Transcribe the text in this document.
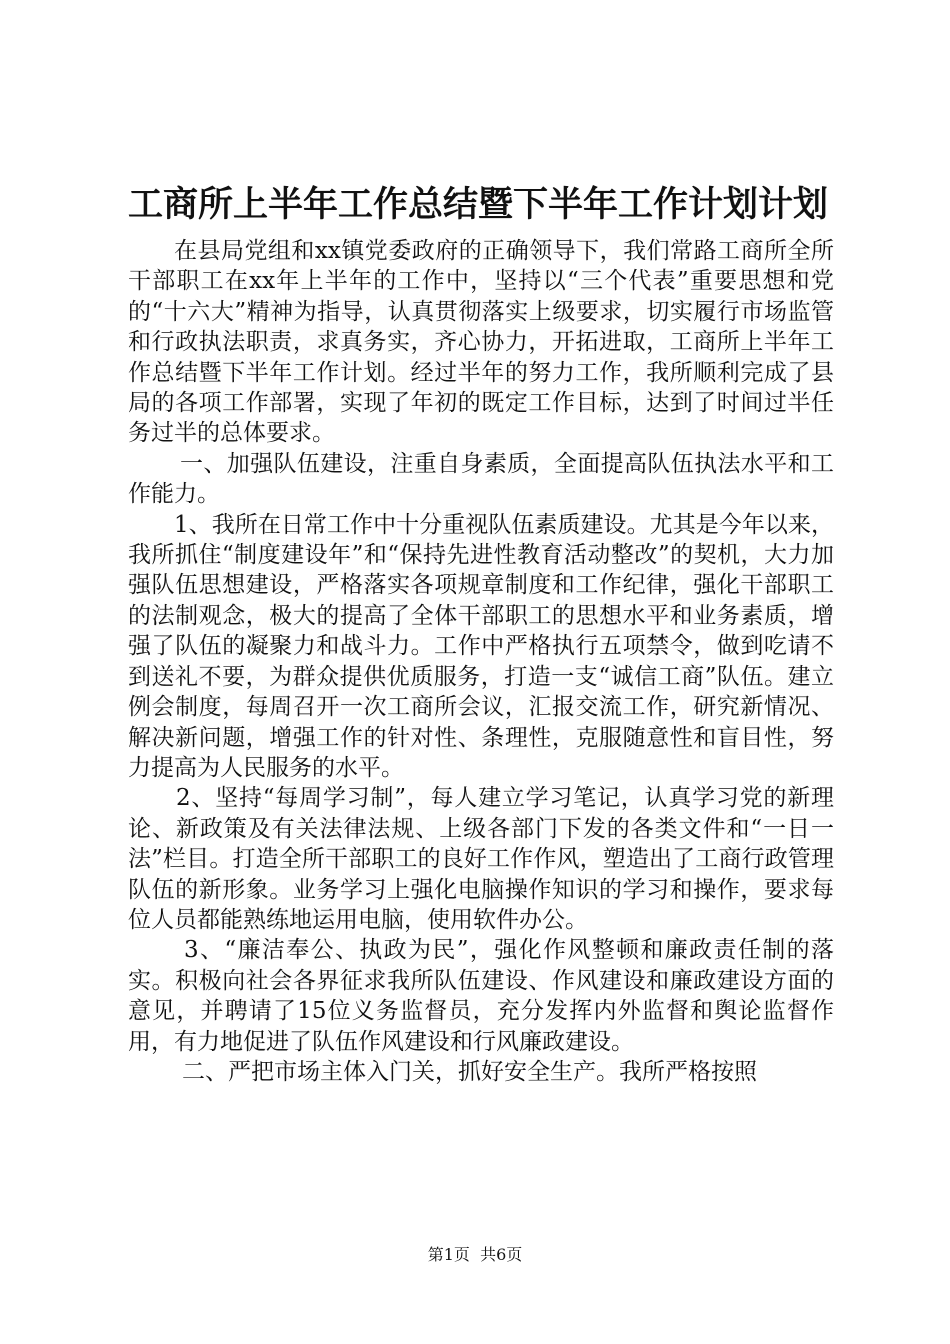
工商所上半年工作总结暨下半年工作计划计划

在县局党组和xx镇党委政府的正确领导下，我们常路工商所全所干部职工在xx年上半年的工作中，坚持以“三个代表”重要思想和党的“十六大”精神为指导，认真贯彻落实上级要求，切实履行市场监管和行政执法职责，求真务实，齐心协力，开拓进取，工商所上半年工作总结暨下半年工作计划。经过半年的努力工作，我所顺利完成了县局的各项工作部署，实现了年初的既定工作目标，达到了时间过半任务过半的总体要求。

一、加强队伍建设，注重自身素质，全面提高队伍执法水平和工作能力。

1、我所在日常工作中十分重视队伍素质建设。尤其是今年以来，我所抓住“制度建设年”和“保持先进性教育活动整改”的契机，大力加强队伍思想建设，严格落实各项规章制度和工作纪律，强化干部职工的法制观念，极大的提高了全体干部职工的思想水平和业务素质，增强了队伍的凝聚力和战斗力。工作中严格执行五项禁令，做到吃请不到送礼不要，为群众提供优质服务，打造一支“诚信工商”队伍。建立例会制度，每周召开一次工商所会议，汇报交流工作，研究新情况、解决新问题，增强工作的针对性、条理性，克服随意性和盲目性，努力提高为人民服务的水平。

2、坚持“每周学习制”，每人建立学习笔记，认真学习党的新理论、新政策及有关法律法规、上级各部门下发的各类文件和“一日一法”栏目。打造全所干部职工的良好工作作风，塑造出了工商行政管理队伍的新形象。业务学习上强化电脑操作知识的学习和操作，要求每位人员都能熟练地运用电脑，使用软件办公。

3、“廉洁奉公、执政为民”，强化作风整顿和廉政责任制的落实。积极向社会各界征求我所队伍建设、作风建设和廉政建设方面的意见，并聘请了15位义务监督员，充分发挥内外监督和舆论监督作用，有力地促进了队伍作风建设和行风廉政建设。

二、严把市场主体入门关，抓好安全生产。我所严格按照

第1页  共6页
